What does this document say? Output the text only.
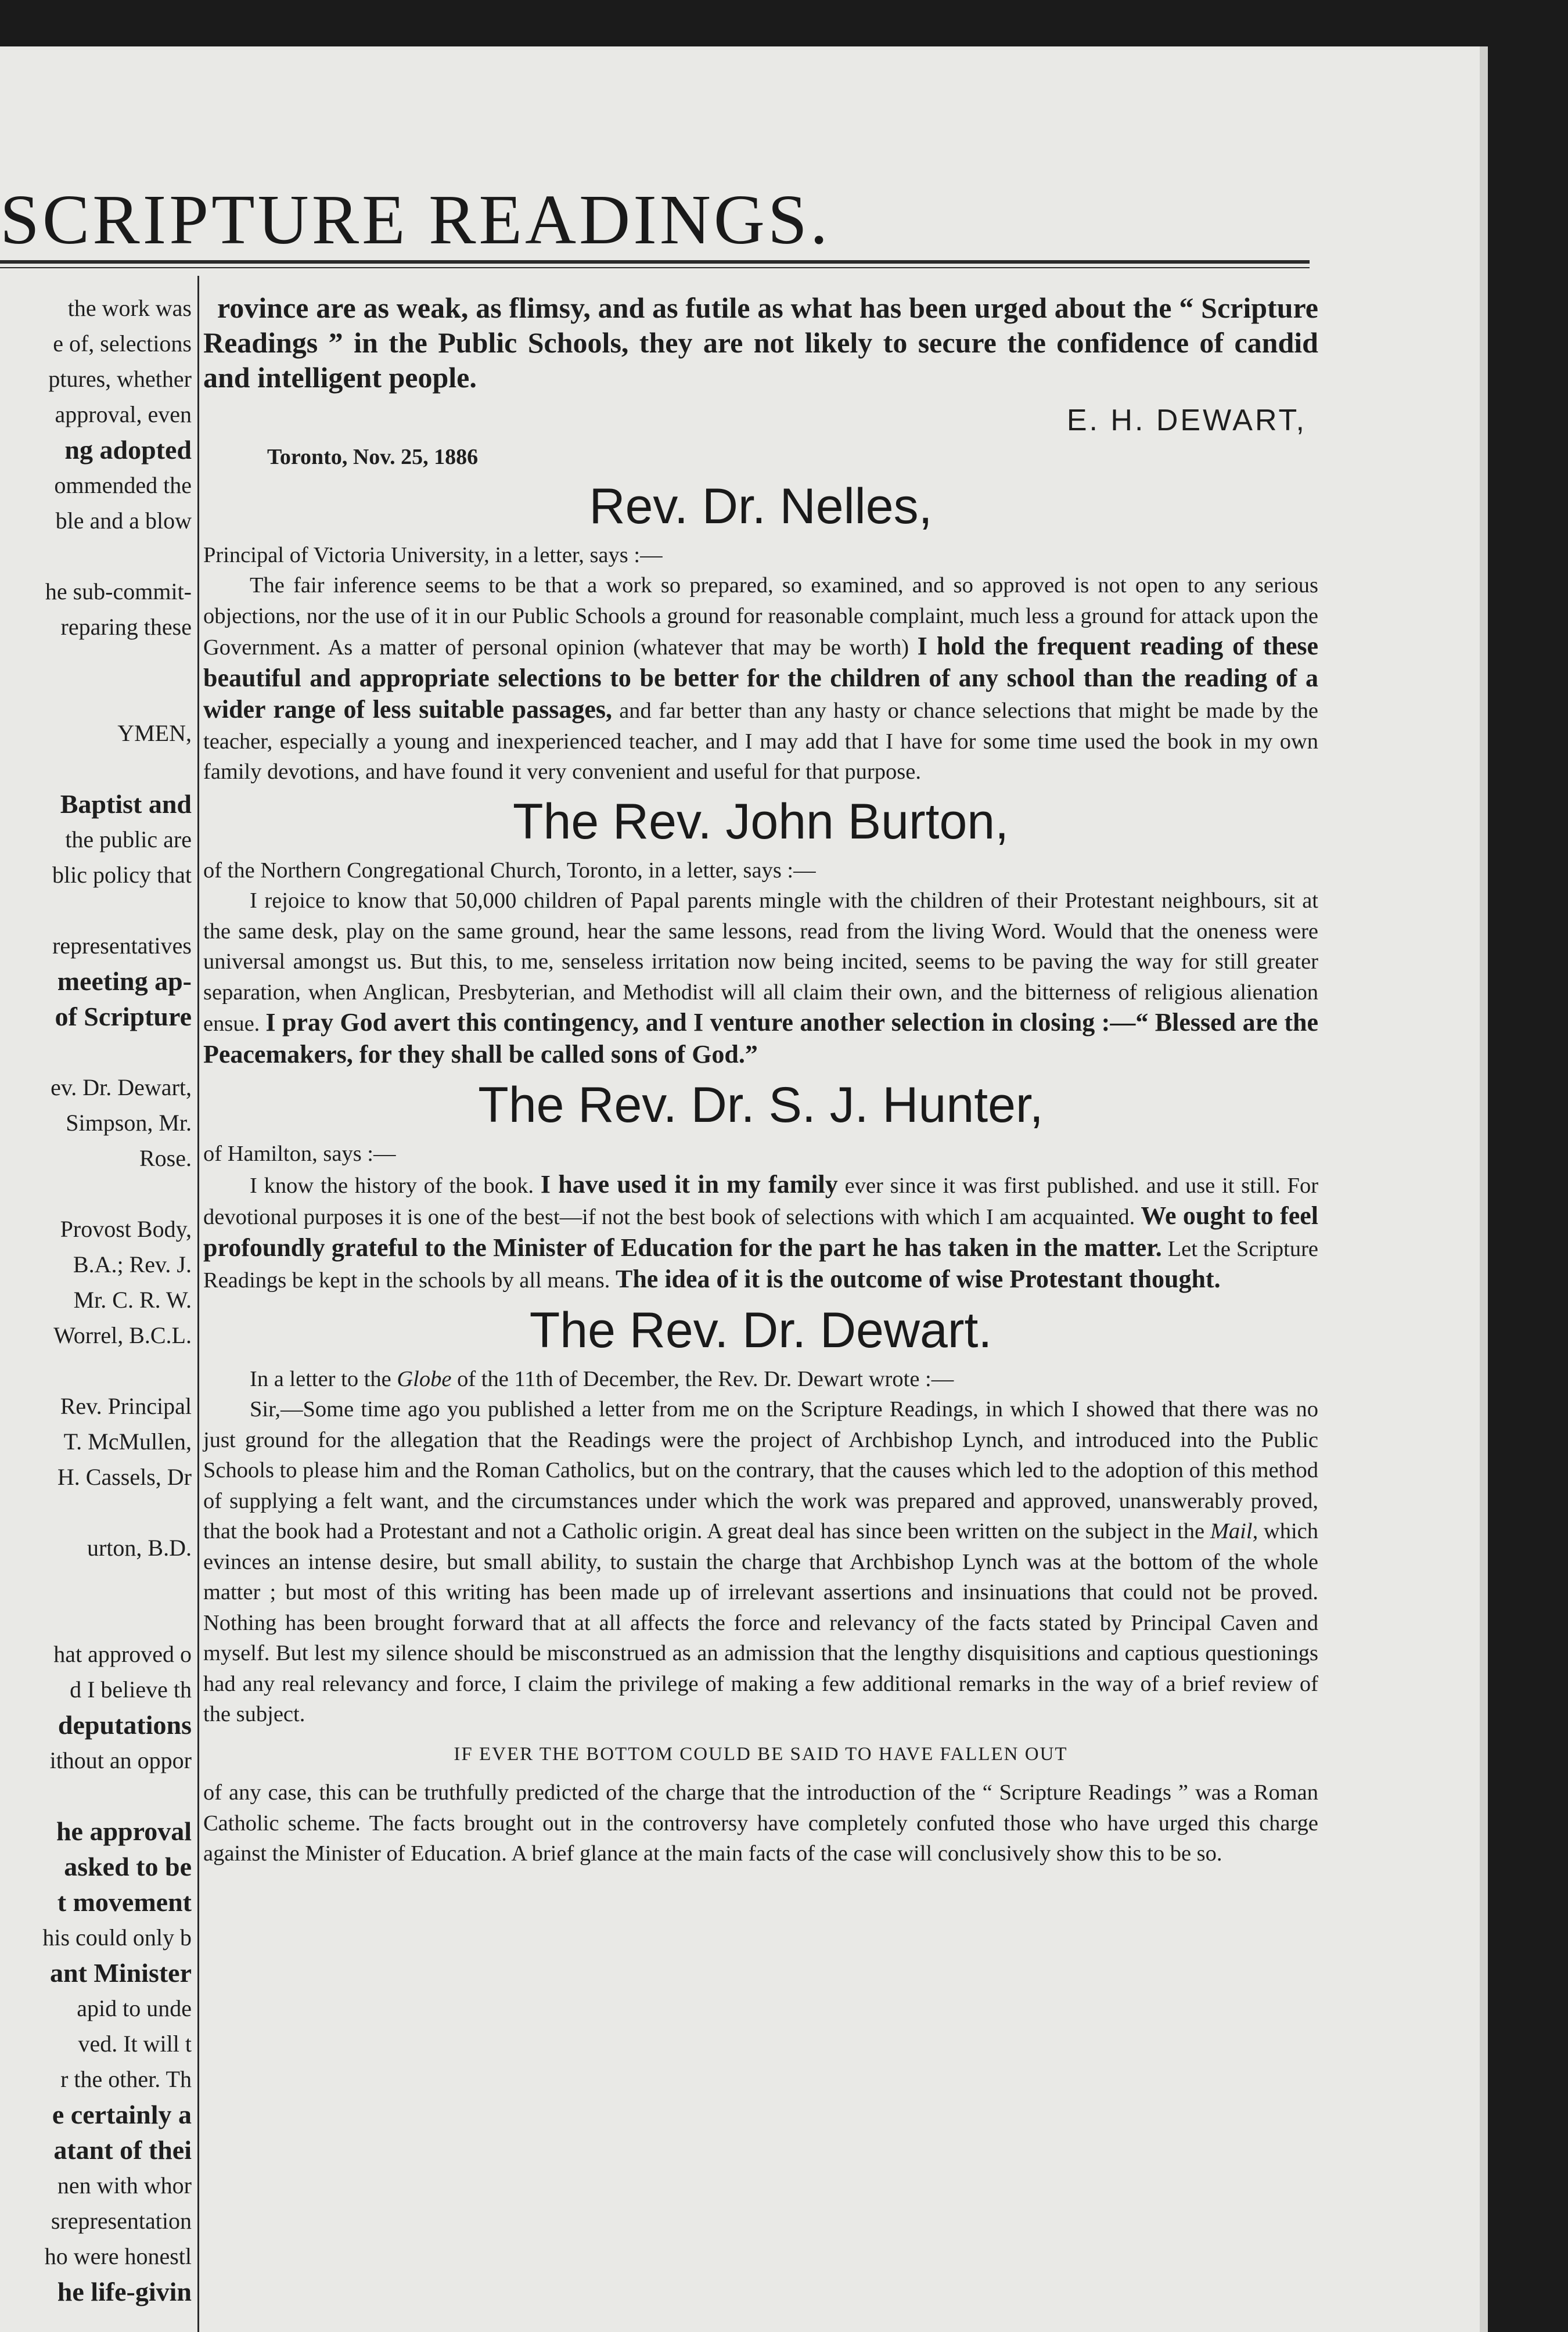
SCRIPTURE READINGS.
the work was
e of, selections
ptures, whether
approval, even
ng adopted
ommended the
ble and a blow
he sub-commit-
reparing these
YMEN,
Baptist and
the public are
blic policy that
representatives
meeting ap-
of Scripture
ev. Dr. Dewart,
Simpson, Mr.
Rose.
Provost Body,
B.A.; Rev. J.
Mr. C. R. W.
Worrel, B.C.L.
Rev. Principal
T. McMullen,
H. Cassels, Dr
urton, B.D.
hat approved o
d I believe th
deputations
ithout an oppor
he approval
asked to be
t movement
his could only b
ant Minister
apid to unde
ved. It will t
r the other. Th
e certainly a
atant of thei
nen with whor
srepresentation
ho were honestl
he life-givin

rovince are as weak, as flimsy, and as futile as what has been urged about the “ Scripture Readings ” in the Public Schools, they are not likely to secure the confidence of candid and intelligent people.

E. H. DEWART,

Toronto, Nov. 25, 1886

Rev. Dr. Nelles,

Principal of Victoria University, in a letter, says :—

The fair inference seems to be that a work so prepared, so examined, and so approved is not open to any serious objections, nor the use of it in our Public Schools a ground for reasonable complaint, much less a ground for attack upon the Government. As a matter of personal opinion (whatever that may be worth) I hold the frequent reading of these beautiful and appropriate selections to be better for the children of any school than the reading of a wider range of less suitable passages, and far better than any hasty or chance selections that might be made by the teacher, especially a young and inexperienced teacher, and I may add that I have for some time used the book in my own family devotions, and have found it very convenient and useful for that purpose.

The Rev. John Burton,

of the Northern Congregational Church, Toronto, in a letter, says :—

I rejoice to know that 50,000 children of Papal parents mingle with the children of their Protestant neighbours, sit at the same desk, play on the same ground, hear the same lessons, read from the living Word. Would that the oneness were universal amongst us. But this, to me, senseless irritation now being incited, seems to be paving the way for still greater separation, when Anglican, Presbyterian, and Methodist will all claim their own, and the bitterness of religious alienation ensue. I pray God avert this contingency, and I venture another selection in closing :—“ Blessed are the Peacemakers, for they shall be called sons of God.”

The Rev. Dr. S. J. Hunter,

of Hamilton, says :—

I know the history of the book. I have used it in my family ever since it was first published. and use it still. For devotional purposes it is one of the best—if not the best book of selections with which I am acquainted. We ought to feel profoundly grateful to the Minister of Education for the part he has taken in the matter. Let the Scripture Readings be kept in the schools by all means. The idea of it is the outcome of wise Protestant thought.

The Rev. Dr. Dewart.

In a letter to the Globe of the 11th of December, the Rev. Dr. Dewart wrote :—

Sir,—Some time ago you published a letter from me on the Scripture Readings, in which I showed that there was no just ground for the allegation that the Readings were the project of Archbishop Lynch, and introduced into the Public Schools to please him and the Roman Catholics, but on the contrary, that the causes which led to the adoption of this method of supplying a felt want, and the circumstances under which the work was prepared and approved, unanswerably proved, that the book had a Protestant and not a Catholic origin. A great deal has since been written on the subject in the Mail, which evinces an intense desire, but small ability, to sustain the charge that Archbishop Lynch was at the bottom of the whole matter ; but most of this writing has been made up of irrelevant assertions and insinuations that could not be proved. Nothing has been brought forward that at all affects the force and relevancy of the facts stated by Principal Caven and myself. But lest my silence should be misconstrued as an admission that the lengthy disquisitions and captious questionings had any real relevancy and force, I claim the privilege of making a few additional remarks in the way of a brief review of the subject.

IF EVER THE BOTTOM COULD BE SAID TO HAVE FALLEN OUT

of any case, this can be truthfully predicted of the charge that the introduction of the “ Scripture Readings ” was a Roman Catholic scheme. The facts brought out in the controversy have completely confuted those who have urged this charge against the Minister of Education. A brief glance at the main facts of the case will conclusively show this to be so.
